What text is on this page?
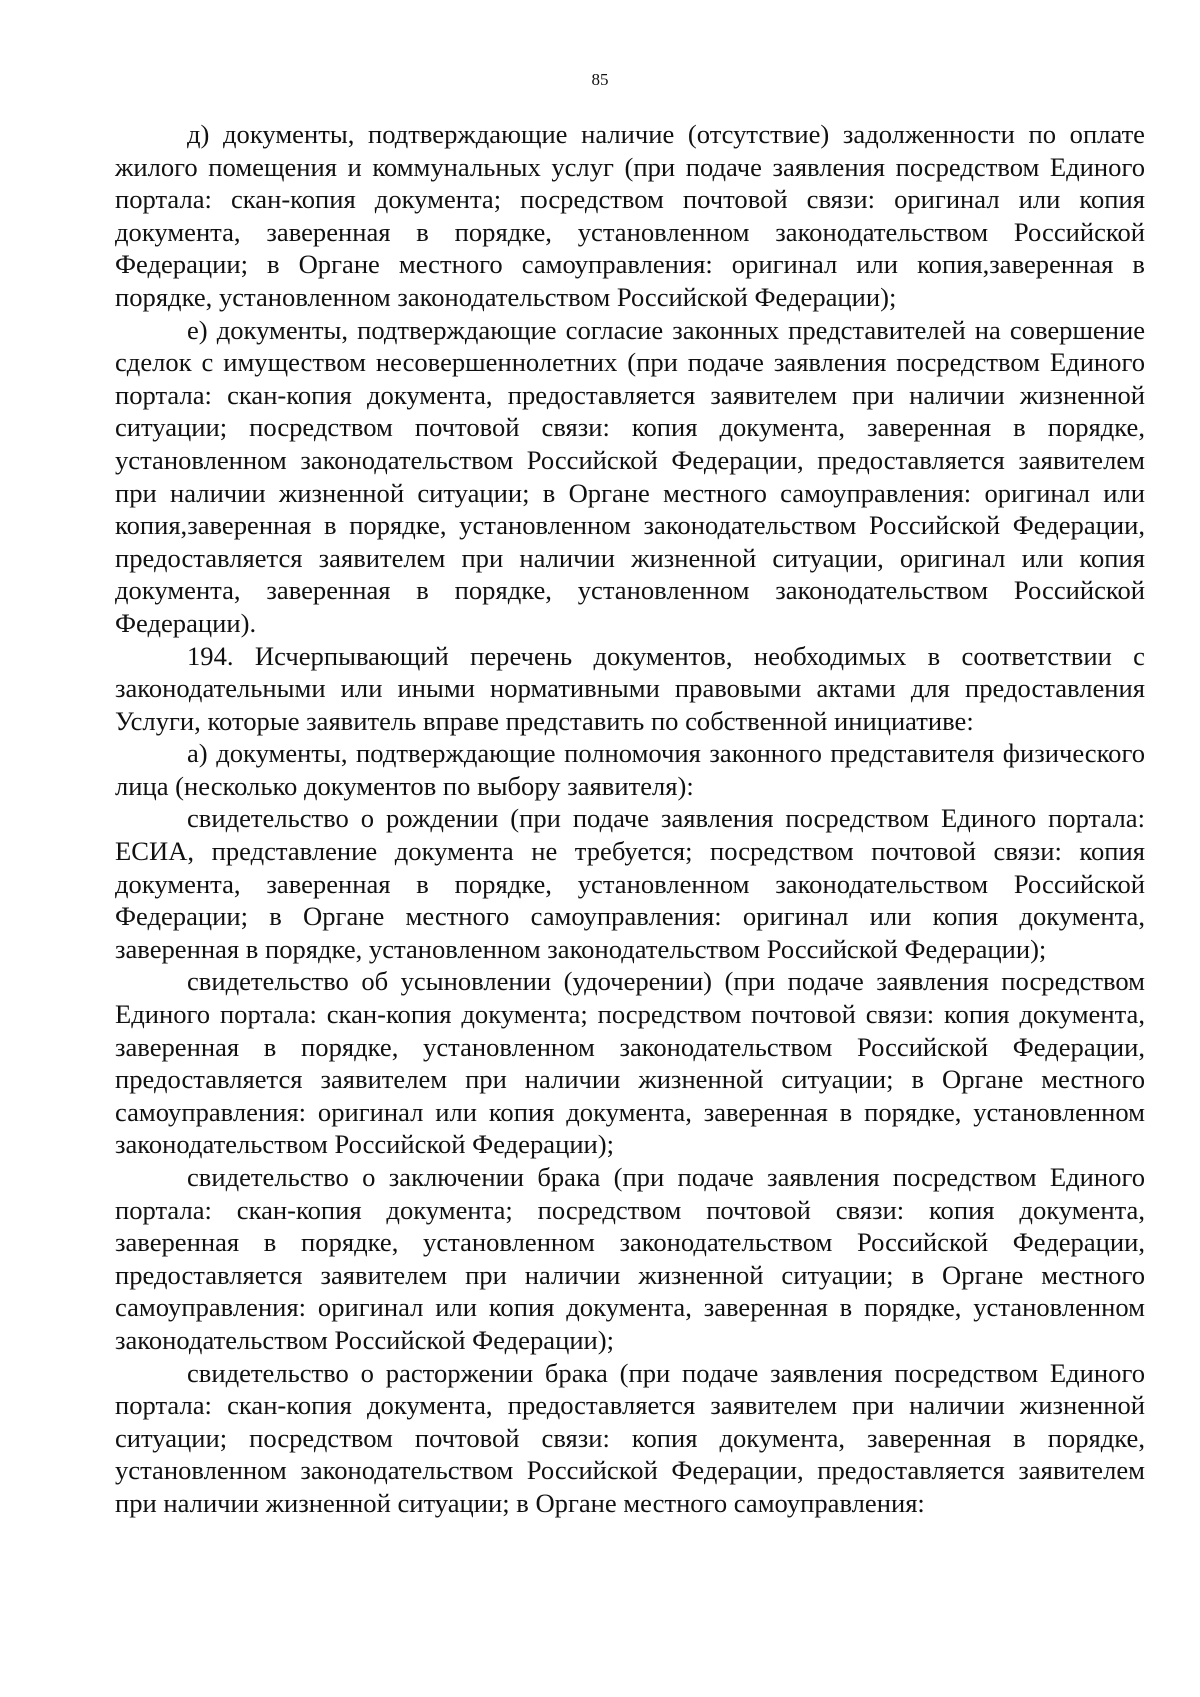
85

д) документы, подтверждающие наличие (отсутствие) задолженности по оплате жилого помещения и коммунальных услуг (при подаче заявления посредством Единого портала: скан-копия документа; посредством почтовой связи: оригинал или копия документа, заверенная в порядке, установленном законодательством Российской Федерации; в Органе местного самоуправления: оригинал или копия,заверенная в порядке, установленном законодательством Российской Федерации);

е) документы, подтверждающие согласие законных представителей на совершение сделок с имуществом несовершеннолетних (при подаче заявления посредством Единого портала: скан-копия документа, предоставляется заявителем при наличии жизненной ситуации; посредством почтовой связи: копия документа, заверенная в порядке, установленном законодательством Российской Федерации, предоставляется заявителем при наличии жизненной ситуации; в Органе местного самоуправления: оригинал или копия,заверенная в порядке, установленном законодательством Российской Федерации, предоставляется заявителем при наличии жизненной ситуации, оригинал или копия документа, заверенная в порядке, установленном законодательством Российской Федерации).

194. Исчерпывающий перечень документов, необходимых в соответствии с законодательными или иными нормативными правовыми актами для предоставления Услуги, которые заявитель вправе представить по собственной инициативе:

а) документы, подтверждающие полномочия законного представителя физического лица (несколько документов по выбору заявителя):

свидетельство о рождении (при подаче заявления посредством Единого портала: ЕСИА, представление документа не требуется; посредством почтовой связи: копия документа, заверенная в порядке, установленном законодательством Российской Федерации; в Органе местного самоуправления: оригинал или копия документа, заверенная в порядке, установленном законодательством Российской Федерации);

свидетельство об усыновлении (удочерении) (при подаче заявления посредством Единого портала: скан-копия документа; посредством почтовой связи: копия документа, заверенная в порядке, установленном законодательством Российской Федерации, предоставляется заявителем при наличии жизненной ситуации; в Органе местного самоуправления: оригинал или копия документа, заверенная в порядке, установленном законодательством Российской Федерации);

свидетельство о заключении брака (при подаче заявления посредством Единого портала: скан-копия документа; посредством почтовой связи: копия документа, заверенная в порядке, установленном законодательством Российской Федерации, предоставляется заявителем при наличии жизненной ситуации; в Органе местного самоуправления: оригинал или копия документа, заверенная в порядке, установленном законодательством Российской Федерации);

свидетельство о расторжении брака (при подаче заявления посредством Единого портала: скан-копия документа, предоставляется заявителем при наличии жизненной ситуации; посредством почтовой связи: копия документа, заверенная в порядке, установленном законодательством Российской Федерации, предоставляется заявителем при наличии жизненной ситуации; в Органе местного самоуправления:
